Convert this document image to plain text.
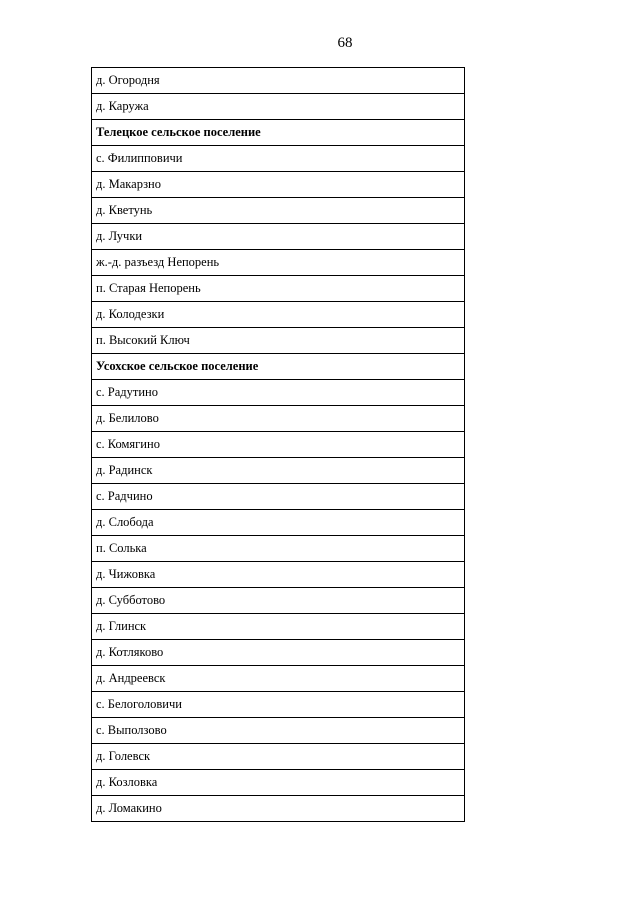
68
д. Огородня
д. Каружа
Телецкое сельское поселение
с. Филипповичи
д. Макарзно
д. Кветунь
д. Лучки
ж.-д. разъезд Непорень
п. Старая Непорень
д. Колодезки
п. Высокий Ключ
Усохское сельское поселение
с. Радутино
д. Белилово
с. Комягино
д. Радинск
с. Радчино
д. Слобода
п. Солька
д. Чижовка
д. Субботово
д. Глинск
д. Котляково
д. Андреевск
с. Белоголовичи
с. Выползово
д. Голевск
д. Козловка
д. Ломакино
